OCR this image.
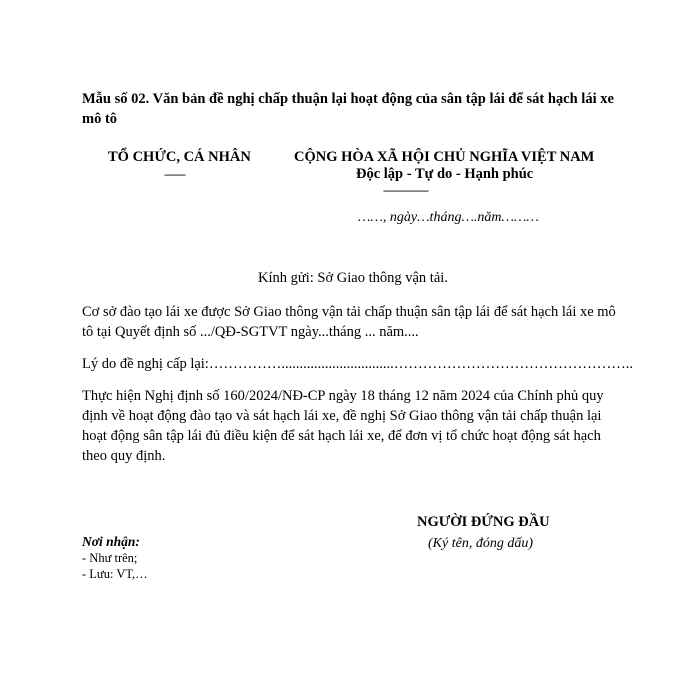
Mẫu số 02. Văn bản đề nghị chấp thuận lại hoạt động của sân tập lái để sát hạch lái xe mô tô
TỔ CHỨC, CÁ NHÂN
-------
CỘNG HÒA XÃ HỘI CHỦ NGHĨA VIỆT NAM
Độc lập - Tự do - Hạnh phúc
---------------
……, ngày…tháng….năm………
Kính gửi: Sở Giao thông vận tải.
Cơ sở đào tạo lái xe được Sở Giao thông vận tải chấp thuận sân tập lái để sát hạch lái xe mô tô tại Quyết định số .../QĐ-SGTVT ngày...tháng ... năm....
Lý do đề nghị cấp lại:……………...............................…………………………………………..
Thực hiện Nghị định số 160/2024/NĐ-CP ngày 18 tháng 12 năm 2024 của Chính phủ quy định về hoạt động đào tạo và sát hạch lái xe, đề nghị Sở Giao thông vận tải chấp thuận lại hoạt động sân tập lái đủ điều kiện để sát hạch lái xe, để đơn vị tổ chức hoạt động sát hạch theo quy định.
NGƯỜI ĐỨNG ĐẦU
(Ký tên, đóng dấu)
Nơi nhận:
- Như trên;
- Lưu: VT,…
